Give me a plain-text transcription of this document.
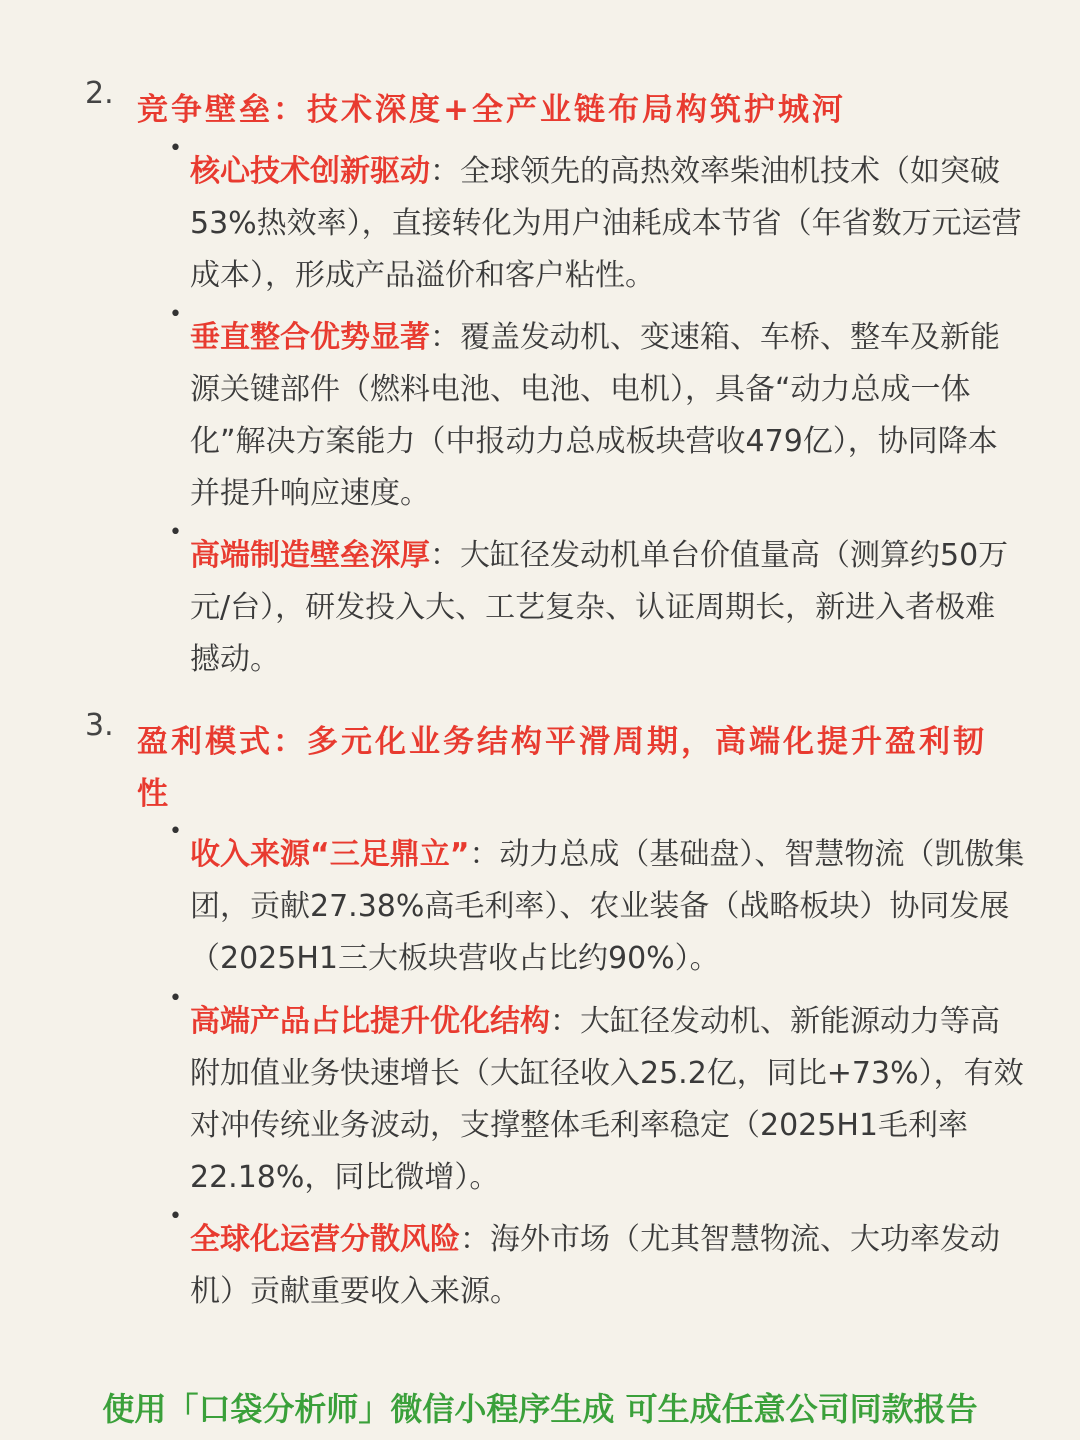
2. 竞争壁垒：技术深度+全产业链布局构筑护城河
•
核心技术创新驱动：全球领先的高热效率柴油机技术（如突破53%热效率），直接转化为用户油耗成本节省（年省数万元运营成本），形成产品溢价和客户粘性。
•
垂直整合优势显著：覆盖发动机、变速箱、车桥、整车及新能源关键部件（燃料电池、电池、电机），具备“动力总成一体化”解决方案能力（中报动力总成板块营收479亿），协同降本并提升响应速度。
•
高端制造壁垒深厚：大缸径发动机单台价值量高（测算约50万元/台），研发投入大、工艺复杂、认证周期长，新进入者极难撼动。
3. 盈利模式：多元化业务结构平滑周期，高端化提升盈利韧性
•
收入来源“三足鼎立”：动力总成（基础盘）、智慧物流（凯傲集团，贡献27.38%高毛利率）、农业装备（战略板块）协同发展（2025H1三大板块营收占比约90%）。
•
高端产品占比提升优化结构：大缸径发动机、新能源动力等高附加值业务快速增长（大缸径收入25.2亿，同比+73%），有效对冲传统业务波动，支撑整体毛利率稳定（2025H1毛利率22.18%，同比微增）。
•
全球化运营分散风险：海外市场（尤其智慧物流、大功率发动机）贡献重要收入来源。
使用「口袋分析师」微信小程序生成 可生成任意公司同款报告
